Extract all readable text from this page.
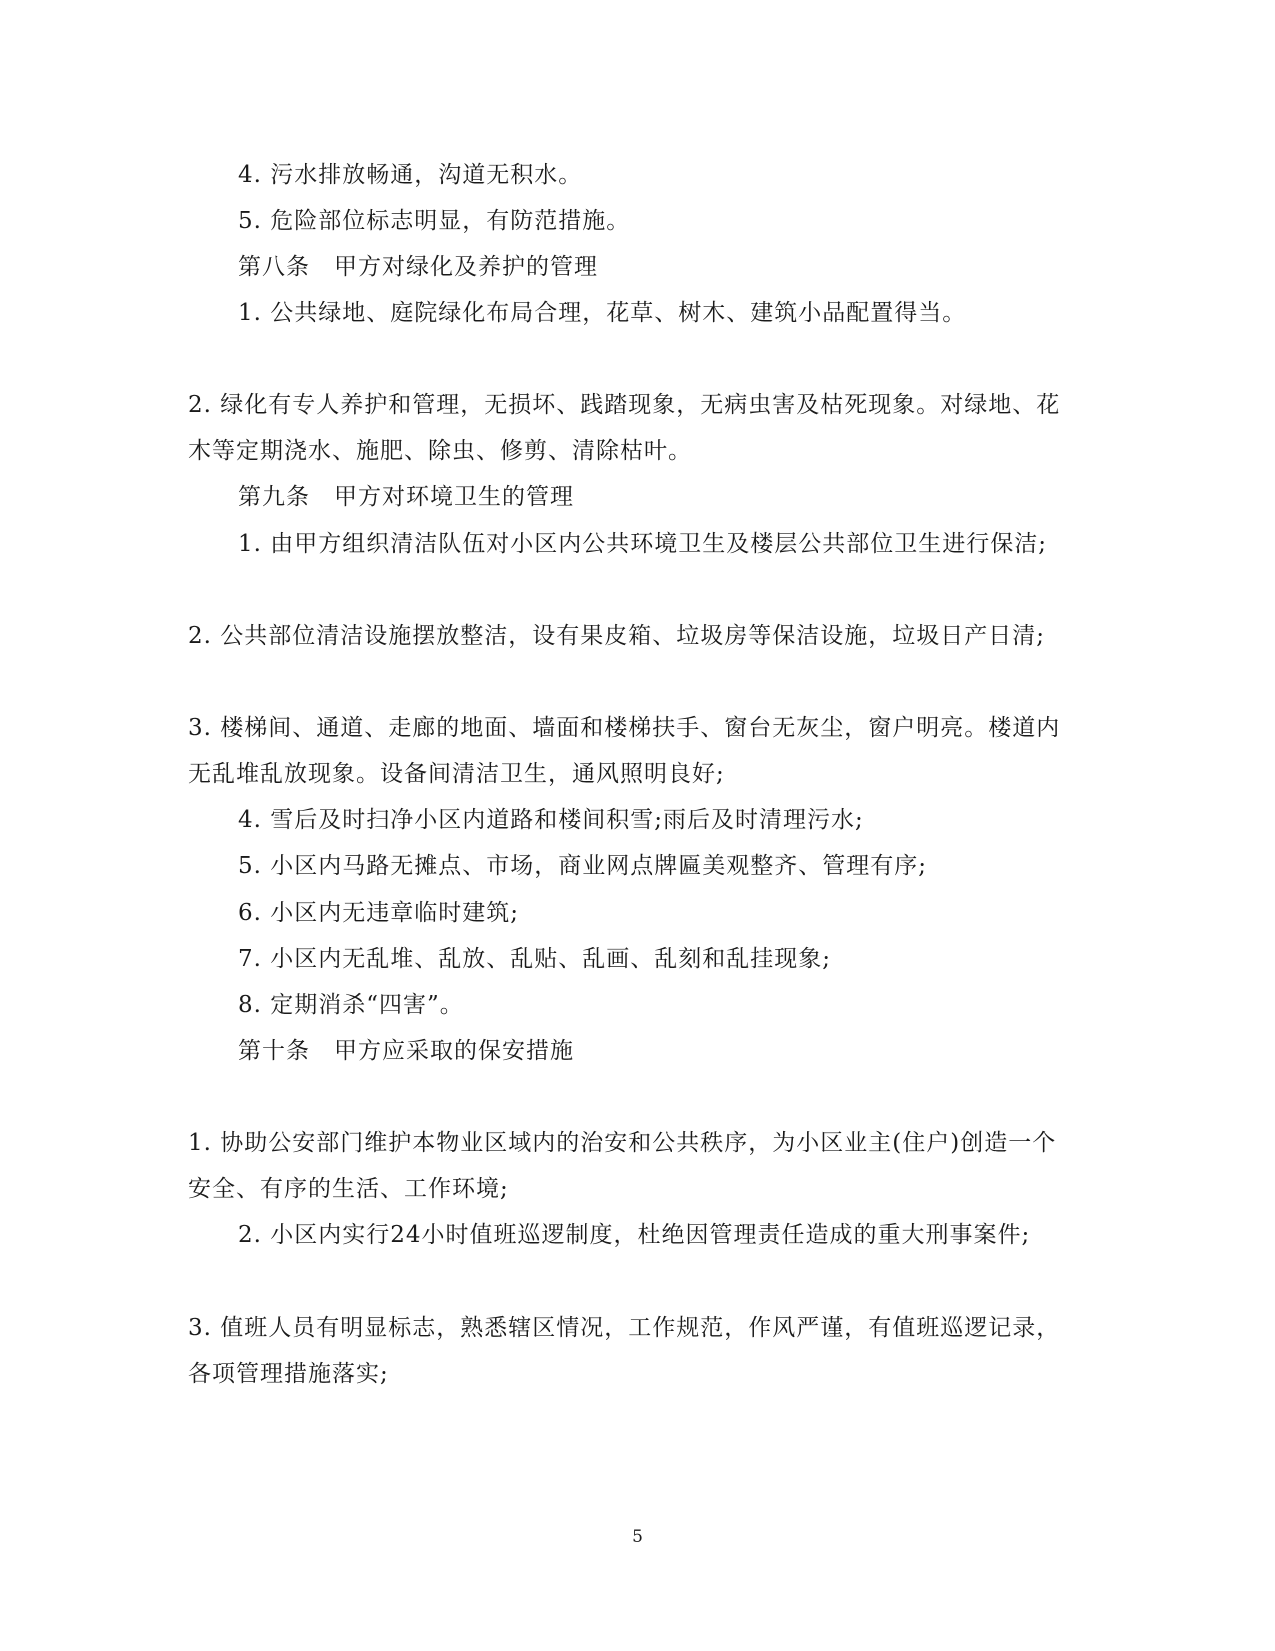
4. 污水排放畅通，沟道无积水。
5. 危险部位标志明显，有防范措施。
第八条　甲方对绿化及养护的管理
1. 公共绿地、庭院绿化布局合理，花草、树木、建筑小品配置得当。
2. 绿化有专人养护和管理，无损坏、践踏现象，无病虫害及枯死现象。对绿地、花
木等定期浇水、施肥、除虫、修剪、清除枯叶。
第九条　甲方对环境卫生的管理
1. 由甲方组织清洁队伍对小区内公共环境卫生及楼层公共部位卫生进行保洁;
2. 公共部位清洁设施摆放整洁，设有果皮箱、垃圾房等保洁设施，垃圾日产日清;
3. 楼梯间、通道、走廊的地面、墙面和楼梯扶手、窗台无灰尘，窗户明亮。楼道内
无乱堆乱放现象。设备间清洁卫生，通风照明良好;
4. 雪后及时扫净小区内道路和楼间积雪;雨后及时清理污水;
5. 小区内马路无摊点、市场，商业网点牌匾美观整齐、管理有序;
6. 小区内无违章临时建筑;
7. 小区内无乱堆、乱放、乱贴、乱画、乱刻和乱挂现象;
8. 定期消杀“四害”。
第十条　甲方应采取的保安措施
1. 协助公安部门维护本物业区域内的治安和公共秩序，为小区业主(住户)创造一个
安全、有序的生活、工作环境;
2. 小区内实行24小时值班巡逻制度，杜绝因管理责任造成的重大刑事案件;
3. 值班人员有明显标志，熟悉辖区情况，工作规范，作风严谨，有值班巡逻记录，
各项管理措施落实;
5
